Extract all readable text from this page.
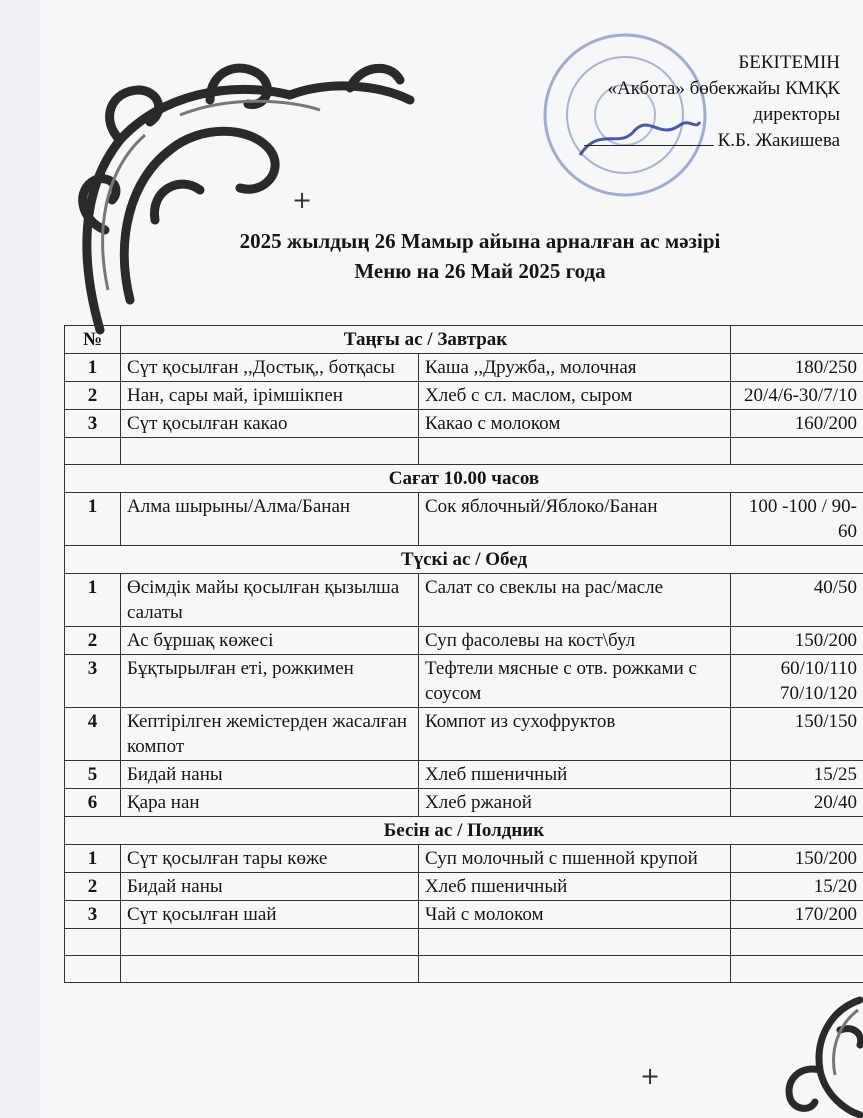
БЕКІТЕМІН
«Акбота» бөбекжайы КМҚК
директоры
К.Б. Жакишева
+
2025 жылдың 26 Мамыр айына арналған ас мәзірі
Меню на 26 Май 2025 года
№	Таңғы ас / Завтрак		
1	Сүт қосылған ,,Достық,, ботқасы	Каша ,,Дружба,, молочная	180/250
2	Нан, сары май, ірімшікпен	Хлеб с сл. маслом, сыром	20/4/6-30/7/10
3	Сүт қосылған какао	Какао с молоком	160/200

Сағат 10.00 часов			
1	Алма шырыны/Алма/Банан	Сок яблочный/Яблоко/Банан	100 -100 / 90-60
Түскі ас / Обед			
1	Өсімдік майы қосылған қызылша салаты	Салат со свеклы на рас/масле	40/50
2	Ас бұршақ көжесі	Суп фасолевы на кост\бул	150/200
3	Бұқтырылған еті, рожкимен	Тефтели мясные с отв. рожками с соусом	60/10/110 70/10/120
4	Кептірілген жемістерден жасалған компот	Компот из сухофруктов	150/150
5	Бидай наны	Хлеб пшеничный	15/25
6	Қара нан	Хлеб ржаной	20/40
Бесін ас / Полдник			
1	Сүт қосылған тары көже	Суп молочный с пшенной крупой	150/200
2	Бидай наны	Хлеб пшеничный	15/20
3	Сүт қосылған шай	Чай с молоком	170/200

+
